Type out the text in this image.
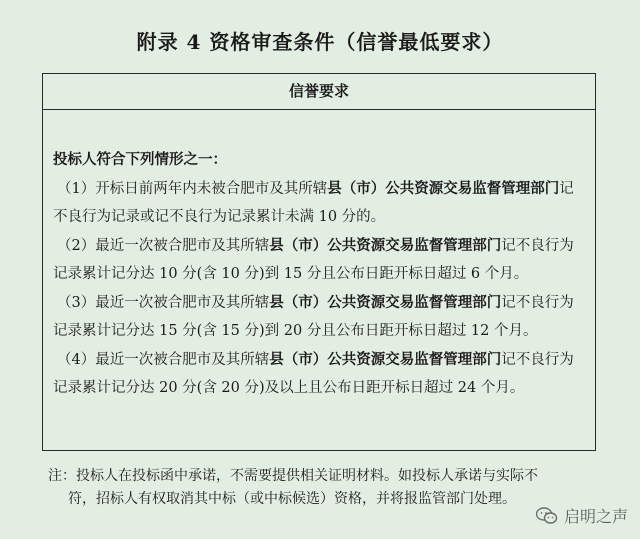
附录 4 资格审查条件（信誉最低要求）
信誉要求
投标人符合下列情形之一：
（1）开标日前两年内未被合肥市及其所辖县（市）公共资源交易监督管理部门记
不良行为记录或记不良行为记录累计未满 10 分的。
（2）最近一次被合肥市及其所辖县（市）公共资源交易监督管理部门记不良行为
记录累计记分达 10 分(含 10 分)到 15 分且公布日距开标日超过 6 个月。
（3）最近一次被合肥市及其所辖县（市）公共资源交易监督管理部门记不良行为
记录累计记分达 15 分(含 15 分)到 20 分且公布日距开标日超过 12 个月。
（4）最近一次被合肥市及其所辖县（市）公共资源交易监督管理部门记不良行为
记录累计记分达 20 分(含 20 分)及以上且公布日距开标日超过 24 个月。
注：投标人在投标函中承诺，不需要提供相关证明材料。如投标人承诺与实际不
符，招标人有权取消其中标（或中标候选）资格，并将报监管部门处理。
启明之声
